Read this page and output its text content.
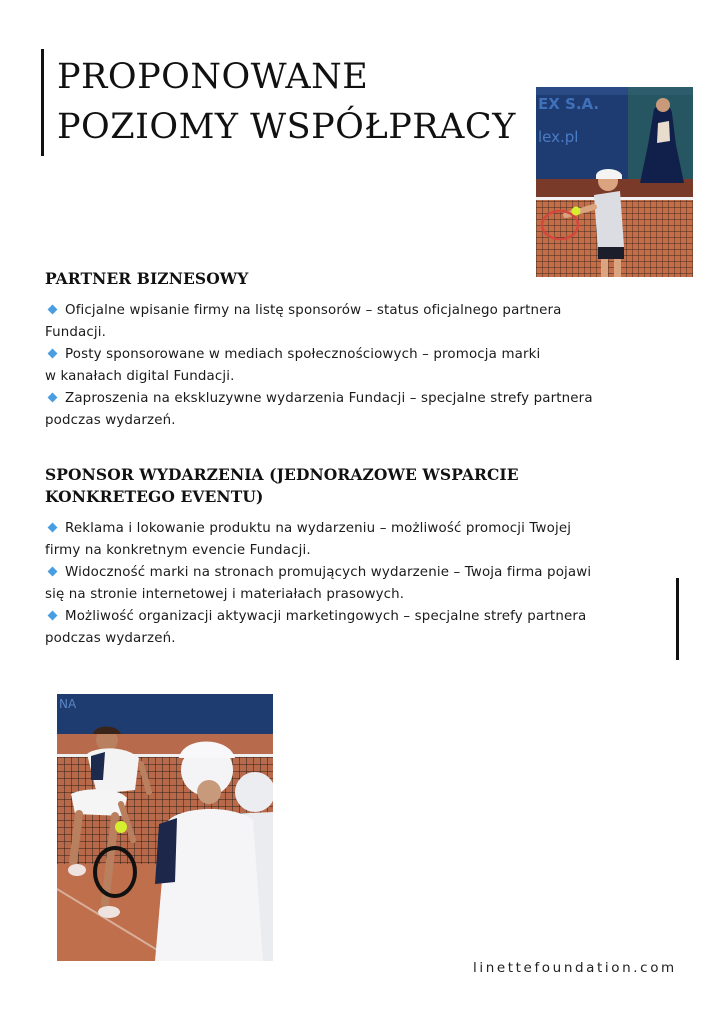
PROPONOWANE
POZIOMY WSPÓŁPRACY
EX S.A.
lex.pl
PARTNER BIZNESOWY
Oficjalne wpisanie firmy na listę sponsorów – status oficjalnego partnera
Fundacji.
Posty sponsorowane w mediach społecznościowych – promocja marki
w kanałach digital Fundacji.
Zaproszenia na ekskluzywne wydarzenia Fundacji – specjalne strefy partnera
podczas wydarzeń.
SPONSOR WYDARZENIA (JEDNORAZOWE WSPARCIE
KONKRETEGO EVENTU)
Reklama i lokowanie produktu na wydarzeniu – możliwość promocji Twojej
firmy na konkretnym evencie Fundacji.
Widoczność marki na stronach promujących wydarzenie – Twoja firma pojawi
się na stronie internetowej i materiałach prasowych.
Możliwość organizacji aktywacji marketingowych – specjalne strefy partnera
podczas wydarzeń.
NA
linettefoundation.com
